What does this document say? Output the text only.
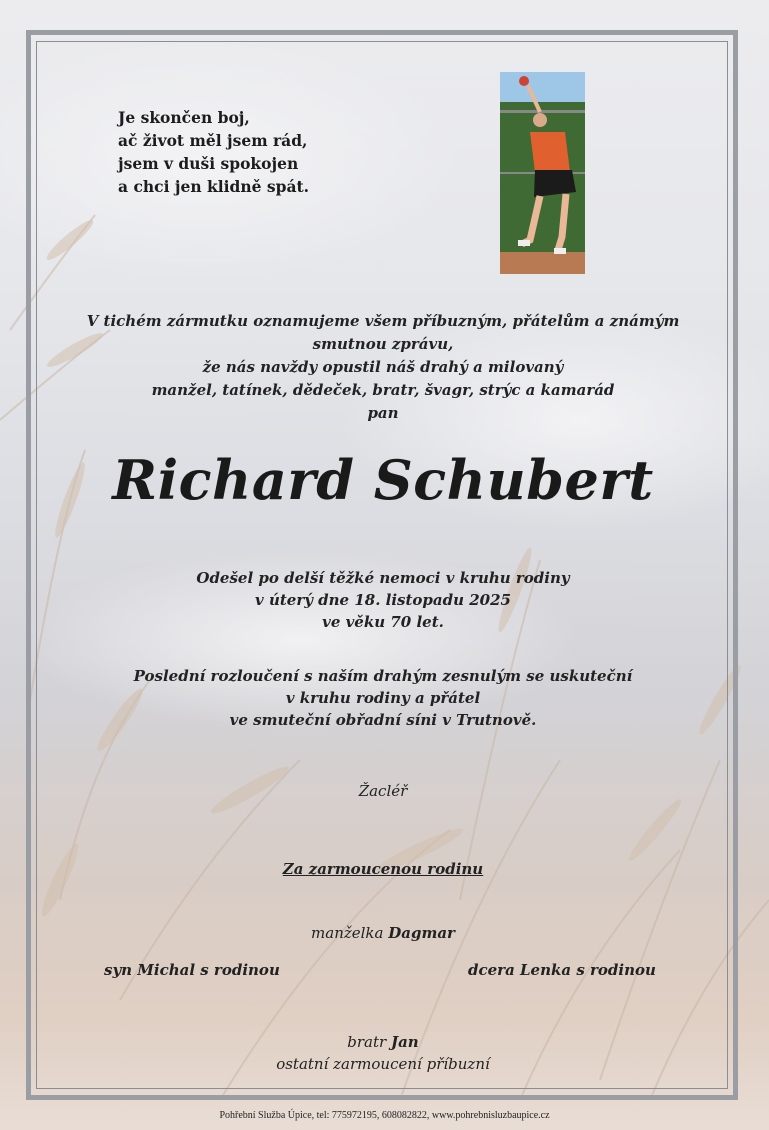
Je skončen boj,
ač život měl jsem rád,
jsem v duši spokojen
a chci jen klidně spát.
V tichém zármutku oznamujeme všem příbuzným, přátelům a známým
smutnou zprávu,
že nás navždy opustil náš drahý a milovaný
manžel, tatínek, dědeček, bratr, švagr, strýc a kamarád
pan
Richard Schubert
Odešel po delší těžké nemoci v kruhu rodiny
v úterý dne 18. listopadu 2025
ve věku 70 let.
Poslední rozloučení s naším drahým zesnulým se uskuteční
v kruhu rodiny a přátel
ve smuteční obřadní síni v Trutnově.
Žacléř
Za zarmoucenou rodinu
manželka Dagmar
syn Michal s rodinou	dcera Lenka s rodinou
bratr Jan
ostatní zarmoucení příbuzní
Pohřební Služba Úpice, tel: 775972195, 608082822, www.pohrebnisluzbaupice.cz
